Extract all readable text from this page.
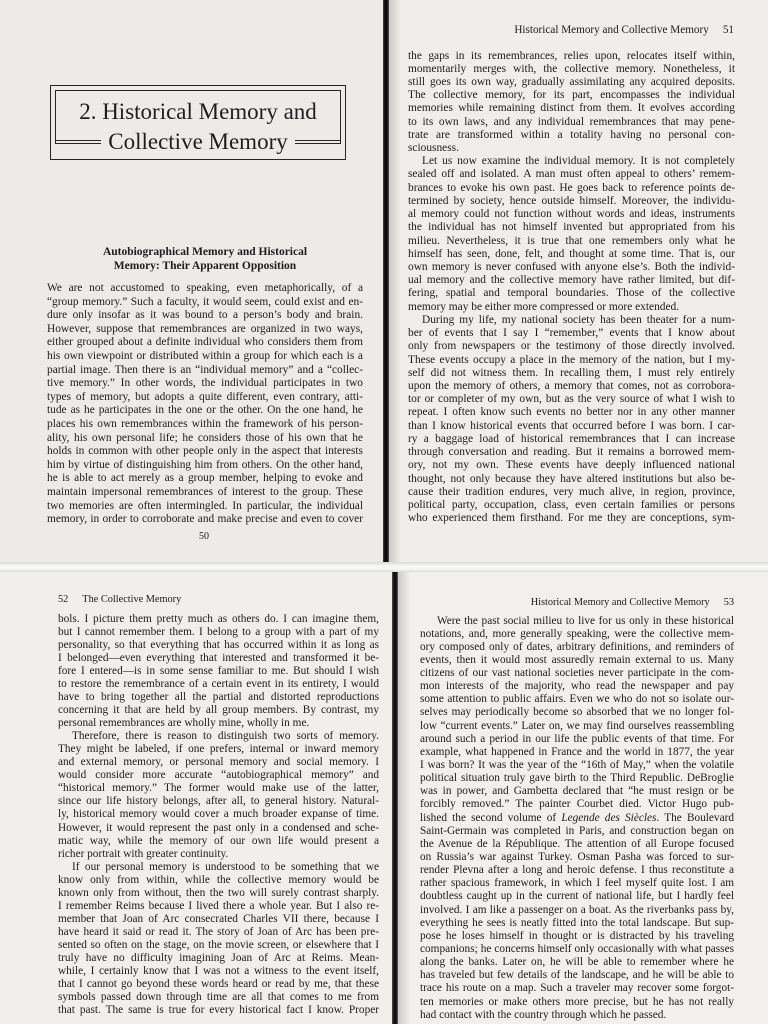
2. Historical Memory and
Collective Memory
Autobiographical Memory and Historical
Memory: Their Apparent Opposition
We are not accustomed to speaking, even metaphorically, of a
“group memory.” Such a faculty, it would seem, could exist and en-
dure only insofar as it was bound to a person’s body and brain.
However, suppose that remembrances are organized in two ways,
either grouped about a definite individual who considers them from
his own viewpoint or distributed within a group for which each is a
partial image. Then there is an “individual memory” and a “collec-
tive memory.” In other words, the individual participates in two
types of memory, but adopts a quite different, even contrary, atti-
tude as he participates in the one or the other. On the one hand, he
places his own remembrances within the framework of his person-
ality, his own personal life; he considers those of his own that he
holds in common with other people only in the aspect that interests
him by virtue of distinguishing him from others. On the other hand,
he is able to act merely as a group member, helping to evoke and
maintain impersonal remembrances of interest to the group. These
two memories are often intermingled. In particular, the individual
memory, in order to corroborate and make precise and even to cover
50
Historical Memory and Collective Memory 51
the gaps in its remembrances, relies upon, relocates itself within,
momentarily merges with, the collective memory. Nonetheless, it
still goes its own way, gradually assimilating any acquired deposits.
The collective memory, for its part, encompasses the individual
memories while remaining distinct from them. It evolves according
to its own laws, and any individual remembrances that may pene-
trate are transformed within a totality having no personal con-
sciousness.
Let us now examine the individual memory. It is not completely
sealed off and isolated. A man must often appeal to others’ remem-
brances to evoke his own past. He goes back to reference points de-
termined by society, hence outside himself. Moreover, the individu-
al memory could not function without words and ideas, instruments
the individual has not himself invented but appropriated from his
milieu. Nevertheless, it is true that one remembers only what he
himself has seen, done, felt, and thought at some time. That is, our
own memory is never confused with anyone else’s. Both the individ-
ual memory and the collective memory have rather limited, but dif-
fering, spatial and temporal boundaries. Those of the collective
memory may be either more compressed or more extended.
During my life, my national society has been theater for a num-
ber of events that I say I “remember,” events that I know about
only from newspapers or the testimony of those directly involved.
These events occupy a place in the memory of the nation, but I my-
self did not witness them. In recalling them, I must rely entirely
upon the memory of others, a memory that comes, not as corrobora-
tor or completer of my own, but as the very source of what I wish to
repeat. I often know such events no better nor in any other manner
than I know historical events that occurred before I was born. I car-
ry a baggage load of historical remembrances that I can increase
through conversation and reading. But it remains a borrowed mem-
ory, not my own. These events have deeply influenced national
thought, not only because they have altered institutions but also be-
cause their tradition endures, very much alive, in region, province,
political party, occupation, class, even certain families or persons
who experienced them firsthand. For me they are conceptions, sym-
52 The Collective Memory
bols. I picture them pretty much as others do. I can imagine them,
but I cannot remember them. I belong to a group with a part of my
personality, so that everything that has occurred within it as long as
I belonged—even everything that interested and transformed it be-
fore I entered—is in some sense familiar to me. But should I wish
to restore the remembrance of a certain event in its entirety, I would
have to bring together all the partial and distorted reproductions
concerning it that are held by all group members. By contrast, my
personal remembrances are wholly mine, wholly in me.
Therefore, there is reason to distinguish two sorts of memory.
They might be labeled, if one prefers, internal or inward memory
and external memory, or personal memory and social memory. I
would consider more accurate “autobiographical memory” and
“historical memory.” The former would make use of the latter,
since our life history belongs, after all, to general history. Natural-
ly, historical memory would cover a much broader expanse of time.
However, it would represent the past only in a condensed and sche-
matic way, while the memory of our own life would present a
richer portrait with greater continuity.
If our personal memory is understood to be something that we
know only from within, while the collective memory would be
known only from without, then the two will surely contrast sharply.
I remember Reims because I lived there a whole year. But I also re-
member that Joan of Arc consecrated Charles VII there, because I
have heard it said or read it. The story of Joan of Arc has been pre-
sented so often on the stage, on the movie screen, or elsewhere that I
truly have no difficulty imagining Joan of Arc at Reims. Mean-
while, I certainly know that I was not a witness to the event itself,
that I cannot go beyond these words heard or read by me, that these
symbols passed down through time are all that comes to me from
that past. The same is true for every historical fact I know. Proper
Historical Memory and Collective Memory 53
Were the past social milieu to live for us only in these historical
notations, and, more generally speaking, were the collective mem-
ory composed only of dates, arbitrary definitions, and reminders of
events, then it would most assuredly remain external to us. Many
citizens of our vast national societies never participate in the com-
mon interests of the majority, who read the newspaper and pay
some attention to public affairs. Even we who do not so isolate our-
selves may periodically become so absorbed that we no longer fol-
low “current events.” Later on, we may find ourselves reassembling
around such a period in our life the public events of that time. For
example, what happened in France and the world in 1877, the year
I was born? It was the year of the “16th of May,” when the volatile
political situation truly gave birth to the Third Republic. DeBroglie
was in power, and Gambetta declared that “he must resign or be
forcibly removed.” The painter Courbet died. Victor Hugo pub-
lished the second volume of Legende des Siècles. The Boulevard
Saint-Germain was completed in Paris, and construction began on
the Avenue de la République. The attention of all Europe focused
on Russia’s war against Turkey. Osman Pasha was forced to sur-
render Plevna after a long and heroic defense. I thus reconstitute a
rather spacious framework, in which I feel myself quite lost. I am
doubtless caught up in the current of national life, but I hardly feel
involved. I am like a passenger on a boat. As the riverbanks pass by,
everything he sees is neatly fitted into the total landscape. But sup-
pose he loses himself in thought or is distracted by his traveling
companions; he concerns himself only occasionally with what passes
along the banks. Later on, he will be able to remember where he
has traveled but few details of the landscape, and he will be able to
trace his route on a map. Such a traveler may recover some forgot-
ten memories or make others more precise, but he has not really
had contact with the country through which he passed.
